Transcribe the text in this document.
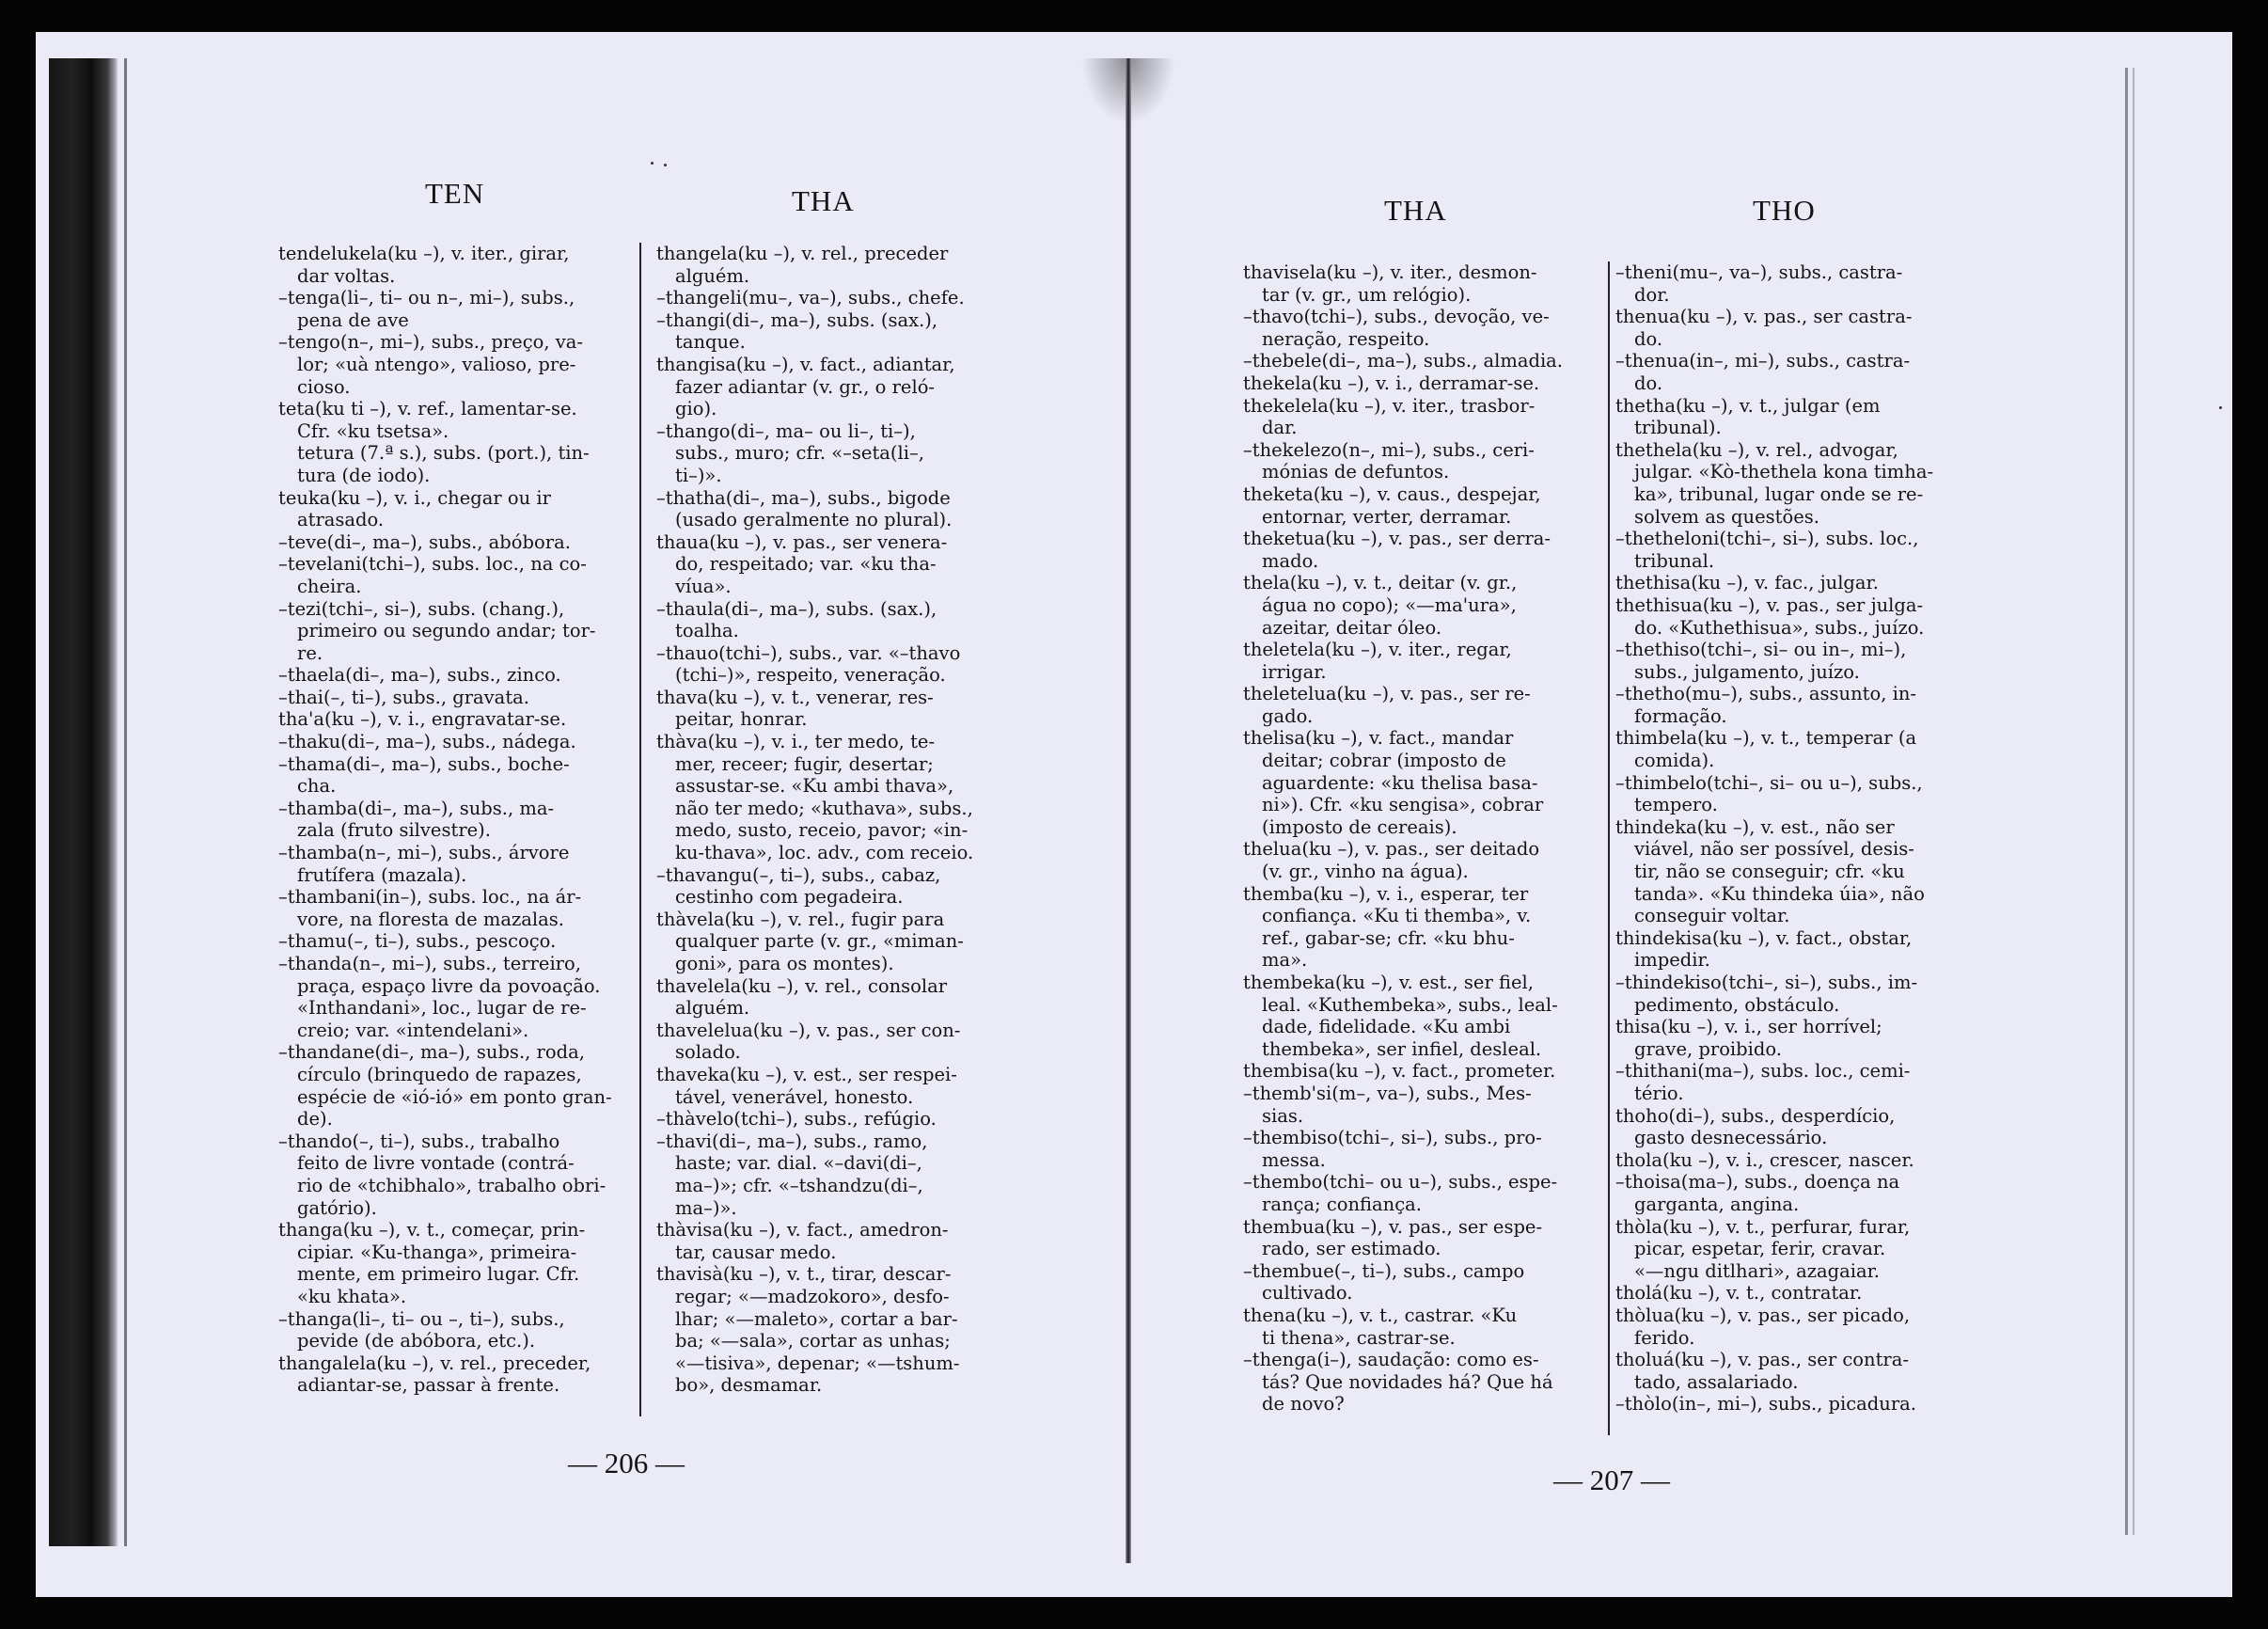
TEN	THA
tendelukela(ku –), v. iter., girar,
dar voltas.
–tenga(li–, ti– ou n–, mi–), subs.,
pena de ave
–tengo(n–, mi–), subs., preço, va-
lor; «uà ntengo», valioso, pre-
cioso.
teta(ku ti –), v. ref., lamentar-se.
Cfr. «ku tsetsa».
tetura (7.ª s.), subs. (port.), tin-
tura (de iodo).
teuka(ku –), v. i., chegar ou ir
atrasado.
–teve(di–, ma–), subs., abóbora.
–tevelani(tchi–), subs. loc., na co-
cheira.
–tezi(tchi–, si–), subs. (chang.),
primeiro ou segundo andar; tor-
re.
–thaela(di–, ma–), subs., zinco.
–thai(–, ti–), subs., gravata.
tha'a(ku –), v. i., engravatar-se.
–thaku(di–, ma–), subs., nádega.
–thama(di–, ma–), subs., boche-
cha.
–thamba(di–, ma–), subs., ma-
zala (fruto silvestre).
–thamba(n–, mi–), subs., árvore
frutífera (mazala).
–thambani(in–), subs. loc., na ár-
vore, na floresta de mazalas.
–thamu(–, ti–), subs., pescoço.
–thanda(n–, mi–), subs., terreiro,
praça, espaço livre da povoação.
«Inthandani», loc., lugar de re-
creio; var. «intendelani».
–thandane(di–, ma–), subs., roda,
círculo (brinquedo de rapazes,
espécie de «ió-ió» em ponto gran-
de).
–thando(–, ti–), subs., trabalho
feito de livre vontade (contrá-
rio de «tchibhalo», trabalho obri-
gatório).
thanga(ku –), v. t., começar, prin-
cipiar. «Ku-thanga», primeira-
mente, em primeiro lugar. Cfr.
«ku khata».
–thanga(li–, ti– ou –, ti–), subs.,
pevide (de abóbora, etc.).
thangalela(ku –), v. rel., preceder,
adiantar-se, passar à frente.
thangela(ku –), v. rel., preceder
alguém.
–thangeli(mu–, va–), subs., chefe.
–thangi(di–, ma–), subs. (sax.),
tanque.
thangisa(ku –), v. fact., adiantar,
fazer adiantar (v. gr., o reló-
gio).
–thango(di–, ma– ou li–, ti–),
subs., muro; cfr. «–seta(li–,
ti–)».
–thatha(di–, ma–), subs., bigode
(usado geralmente no plural).
thaua(ku –), v. pas., ser venera-
do, respeitado; var. «ku tha-
víua».
–thaula(di–, ma–), subs. (sax.),
toalha.
–thauo(tchi–), subs., var. «–thavo
(tchi–)», respeito, veneração.
thava(ku –), v. t., venerar, res-
peitar, honrar.
thàva(ku –), v. i., ter medo, te-
mer, receer; fugir, desertar;
assustar-se. «Ku ambi thava»,
não ter medo; «kuthava», subs.,
medo, susto, receio, pavor; «in-
ku-thava», loc. adv., com receio.
–thavangu(–, ti–), subs., cabaz,
cestinho com pegadeira.
thàvela(ku –), v. rel., fugir para
qualquer parte (v. gr., «miman-
goni», para os montes).
thavelela(ku –), v. rel., consolar
alguém.
thavelelua(ku –), v. pas., ser con-
solado.
thaveka(ku –), v. est., ser respei-
tável, venerável, honesto.
–thàvelo(tchi–), subs., refúgio.
–thavi(di–, ma–), subs., ramo,
haste; var. dial. «–davi(di–,
ma–)»; cfr. «–tshandzu(di–,
ma–)».
thàvisa(ku –), v. fact., amedron-
tar, causar medo.
thavisà(ku –), v. t., tirar, descar-
regar; «—madzokoro», desfo-
lhar; «—maleto», cortar a bar-
ba; «—sala», cortar as unhas;
«—tisiva», depenar; «—tshum-
bo», desmamar.
— 206 —
THA	THO
thavisela(ku –), v. iter., desmon-
tar (v. gr., um relógio).
–thavo(tchi–), subs., devoção, ve-
neração, respeito.
–thebele(di–, ma–), subs., almadia.
thekela(ku –), v. i., derramar-se.
thekelela(ku –), v. iter., trasbor-
dar.
–thekelezo(n–, mi–), subs., ceri-
mónias de defuntos.
theketa(ku –), v. caus., despejar,
entornar, verter, derramar.
theketua(ku –), v. pas., ser derra-
mado.
thela(ku –), v. t., deitar (v. gr.,
água no copo); «—ma'ura»,
azeitar, deitar óleo.
theletela(ku –), v. iter., regar,
irrigar.
theletelua(ku –), v. pas., ser re-
gado.
thelisa(ku –), v. fact., mandar
deitar; cobrar (imposto de
aguardente: «ku thelisa basa-
ni»). Cfr. «ku sengisa», cobrar
(imposto de cereais).
thelua(ku –), v. pas., ser deitado
(v. gr., vinho na água).
themba(ku –), v. i., esperar, ter
confiança. «Ku ti themba», v.
ref., gabar-se; cfr. «ku bhu-
ma».
thembeka(ku –), v. est., ser fiel,
leal. «Kuthembeka», subs., leal-
dade, fidelidade. «Ku ambi
thembeka», ser infiel, desleal.
thembisa(ku –), v. fact., prometer.
–themb'si(m–, va–), subs., Mes-
sias.
–thembiso(tchi–, si–), subs., pro-
messa.
–thembo(tchi– ou u–), subs., espe-
rança; confiança.
thembua(ku –), v. pas., ser espe-
rado, ser estimado.
–thembue(–, ti–), subs., campo
cultivado.
thena(ku –), v. t., castrar. «Ku
ti thena», castrar-se.
–thenga(i–), saudação: como es-
tás? Que novidades há? Que há
de novo?
–theni(mu–, va–), subs., castra-
dor.
thenua(ku –), v. pas., ser castra-
do.
–thenua(in–, mi–), subs., castra-
do.
thetha(ku –), v. t., julgar (em
tribunal).
thethela(ku –), v. rel., advogar,
julgar. «Kò-thethela kona timha-
ka», tribunal, lugar onde se re-
solvem as questões.
–thetheloni(tchi–, si–), subs. loc.,
tribunal.
thethisa(ku –), v. fac., julgar.
thethisua(ku –), v. pas., ser julga-
do. «Kuthethisua», subs., juízo.
–thethiso(tchi–, si– ou in–, mi–),
subs., julgamento, juízo.
–thetho(mu–), subs., assunto, in-
formação.
thimbela(ku –), v. t., temperar (a
comida).
–thimbelo(tchi–, si– ou u–), subs.,
tempero.
thindeka(ku –), v. est., não ser
viável, não ser possível, desis-
tir, não se conseguir; cfr. «ku
tanda». «Ku thindeka úia», não
conseguir voltar.
thindekisa(ku –), v. fact., obstar,
impedir.
–thindekiso(tchi–, si–), subs., im-
pedimento, obstáculo.
thisa(ku –), v. i., ser horrível;
grave, proibido.
–thithani(ma–), subs. loc., cemi-
tério.
thoho(di–), subs., desperdício,
gasto desnecessário.
thola(ku –), v. i., crescer, nascer.
–thoisa(ma–), subs., doença na
garganta, angina.
thòla(ku –), v. t., perfurar, furar,
picar, espetar, ferir, cravar.
«—ngu ditlhari», azagaiar.
tholá(ku –), v. t., contratar.
thòlua(ku –), v. pas., ser picado,
ferido.
tholuá(ku –), v. pas., ser contra-
tado, assalariado.
–thòlo(in–, mi–), subs., picadura.
— 207 —
